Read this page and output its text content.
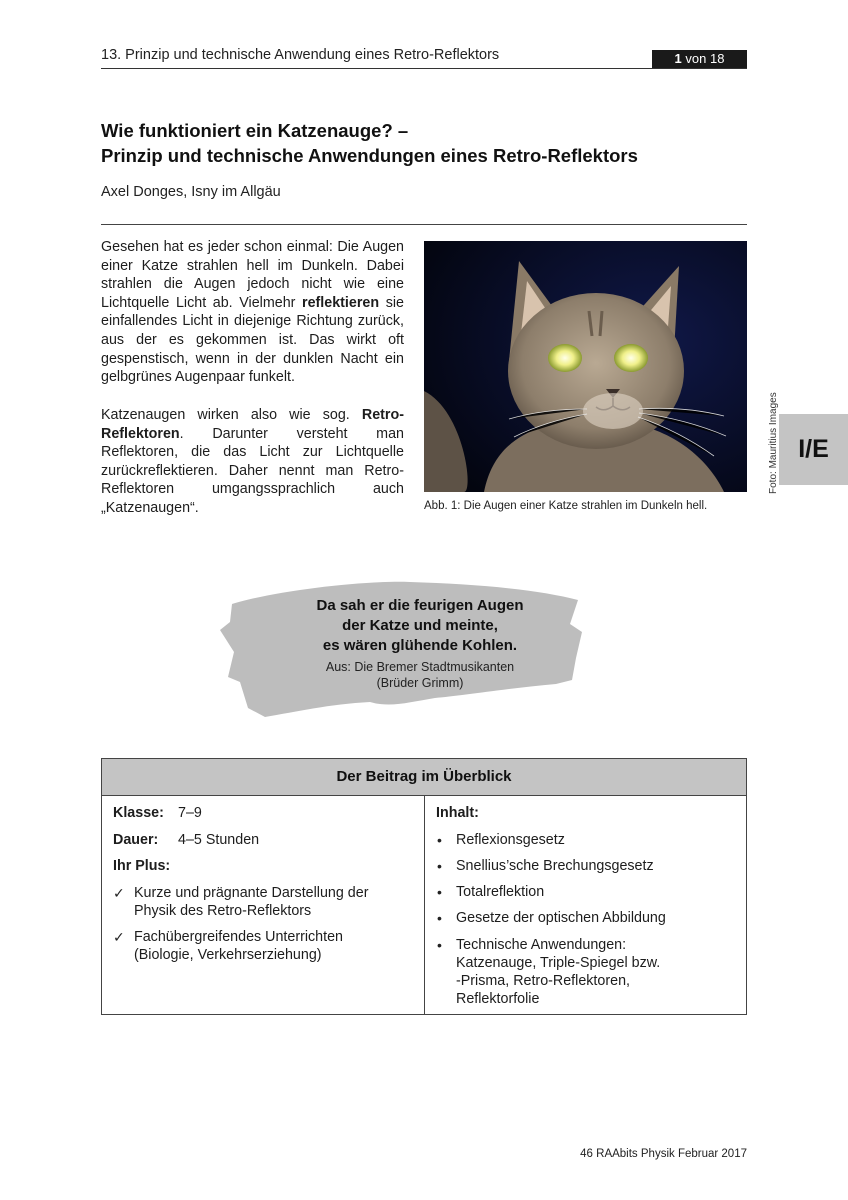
13. Prinzip und technische Anwendung eines Retro-Reflektors	1 von 18
Wie funktioniert ein Katzenauge? –
Prinzip und technische Anwendungen eines Retro-Reflektors
Axel Donges, Isny im Allgäu
Gesehen hat es jeder schon einmal: Die Augen einer Katze strahlen hell im Dunkeln. Dabei strahlen die Augen jedoch nicht wie eine Lichtquelle Licht ab. Vielmehr reflektieren sie einfallendes Licht in diejenige Richtung zurück, aus der es gekommen ist. Das wirkt oft gespenstisch, wenn in der dunklen Nacht ein gelbgrünes Augenpaar funkelt.
Katzenaugen wirken also wie sog. Retro-Reflektoren. Darunter versteht man Reflektoren, die das Licht zur Lichtquelle zurückreflektieren. Daher nennt man Retro-Reflektoren umgangssprachlich auch „Katzenaugen“.	Abb. 1: Die Augen einer Katze strahlen im Dunkeln hell.
Foto: Mauritius Images I/E
Da sah er die feurigen Augen
der Katze und meinte,
es wären glühende Kohlen.
Aus: Die Bremer Stadtmusikanten
(Brüder Grimm)
Der Beitrag im Überblick
Klasse: 7–9
Dauer: 4–5 Stunden
Ihr Plus:
✓ Kurze und prägnante Darstellung der
Physik des Retro-Reflektors
✓ Fachübergreifendes Unterrichten
(Biologie, Verkehrserziehung)
Inhalt:
• Reflexionsgesetz
• Snellius’sche Brechungsgesetz
• Totalreflektion
• Gesetze der optischen Abbildung
• Technische Anwendungen:
Katzenauge, Triple-Spiegel bzw.
-Prisma, Retro-Reflektoren,
Reflektorfolie
46 RAAbits Physik Februar 2017
